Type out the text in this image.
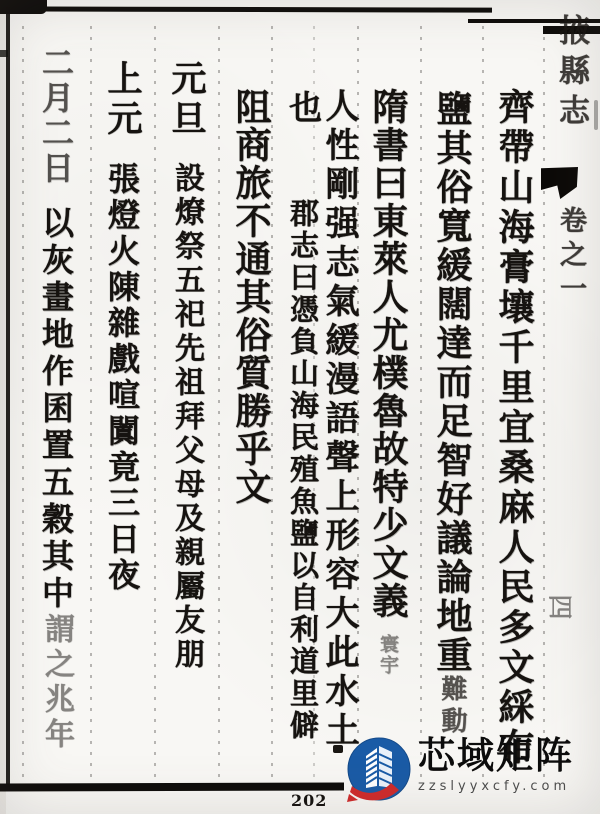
掖縣志
卷之一
四
齊帶山海膏壤千里宜桑麻人民多文綵布
鹽其俗寬緩闊達而足智好議論地重難動
隋書曰東萊人尤樸魯故特少文義寰宇
人性剛强志氣緩漫語聲上形容大此水土
也郡志曰憑負山海民殖魚鹽以自利道里僻
阻商旅不通其俗質勝乎文
元旦設燎祭五祀先祖拜父母及親屬友朋
上元張燈火陳雜戲喧闐竟三日夜
二月二日以灰畫地作囷置五穀其中謂之兆年
202
芯域矩阵
zzslyyxcfy.com
